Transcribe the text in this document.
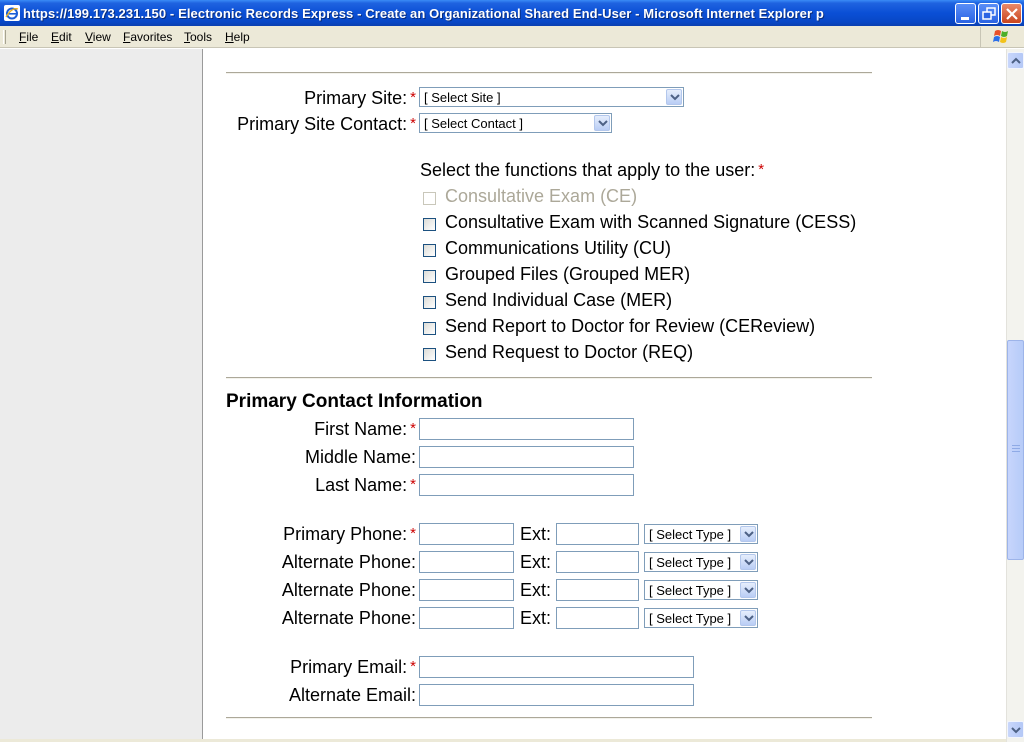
https://199.173.231.150 - Electronic Records Express - Create an Organizational Shared End-User - Microsoft Internet Explorer p
File Edit View Favorites Tools Help
Primary Site: * [ Select Site ]
Primary Site Contact: * [ Select Contact ]
Select the functions that apply to the user: *
Consultative Exam (CE)
Consultative Exam with Scanned Signature (CESS)
Communications Utility (CU)
Grouped Files (Grouped MER)
Send Individual Case (MER)
Send Report to Doctor for Review (CEReview)
Send Request to Doctor (REQ)
Primary Contact Information
First Name: *
Middle Name:
Last Name: *
Primary Phone: *	Ext:	[ Select Type ]
Alternate Phone:	Ext:	[ Select Type ]
Alternate Phone:	Ext:	[ Select Type ]
Alternate Phone:	Ext:	[ Select Type ]
Primary Email: *
Alternate Email:
